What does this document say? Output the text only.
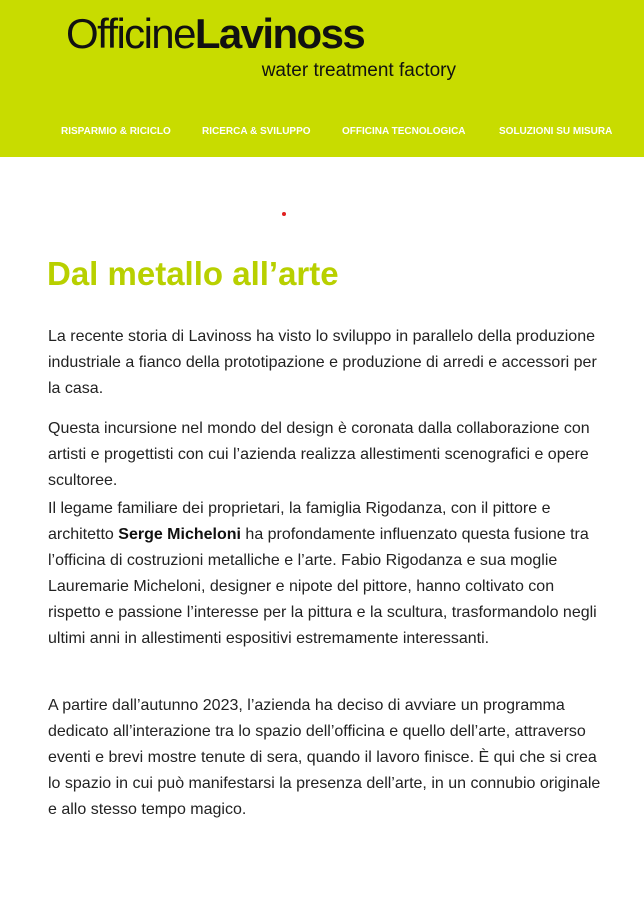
OfficineLavinoss
water treatment factory
RISPARMIO & RICICLO	RICERCA & SVILUPPO	OFFICINA TECNOLOGICA	SOLUZIONI SU MISURA
Dal metallo all’arte

La recente storia di Lavinoss ha visto lo sviluppo in parallelo della produzione industriale a fianco della prototipazione e produzione di arredi e accessori per la casa.

Questa incursione nel mondo del design è coronata dalla collaborazione con artisti e progettisti con cui l’azienda realizza allestimenti scenografici e opere scultoree.

Il legame familiare dei proprietari, la famiglia Rigodanza, con il pittore e architetto Serge Micheloni ha profondamente influenzato questa fusione tra l’officina di costruzioni metalliche e l’arte. Fabio Rigodanza e sua moglie Lauremarie Micheloni, designer e nipote del pittore, hanno coltivato con rispetto e passione l’interesse per la pittura e la scultura, trasformandolo negli ultimi anni in allestimenti espositivi estremamente interessanti.

A partire dall’autunno 2023, l’azienda ha deciso di avviare un programma dedicato all’interazione tra lo spazio dell’officina e quello dell’arte, attraverso eventi e brevi mostre tenute di sera, quando il lavoro finisce. È qui che si crea lo spazio in cui può manifestarsi la presenza dell’arte, in un connubio originale e allo stesso tempo magico.
